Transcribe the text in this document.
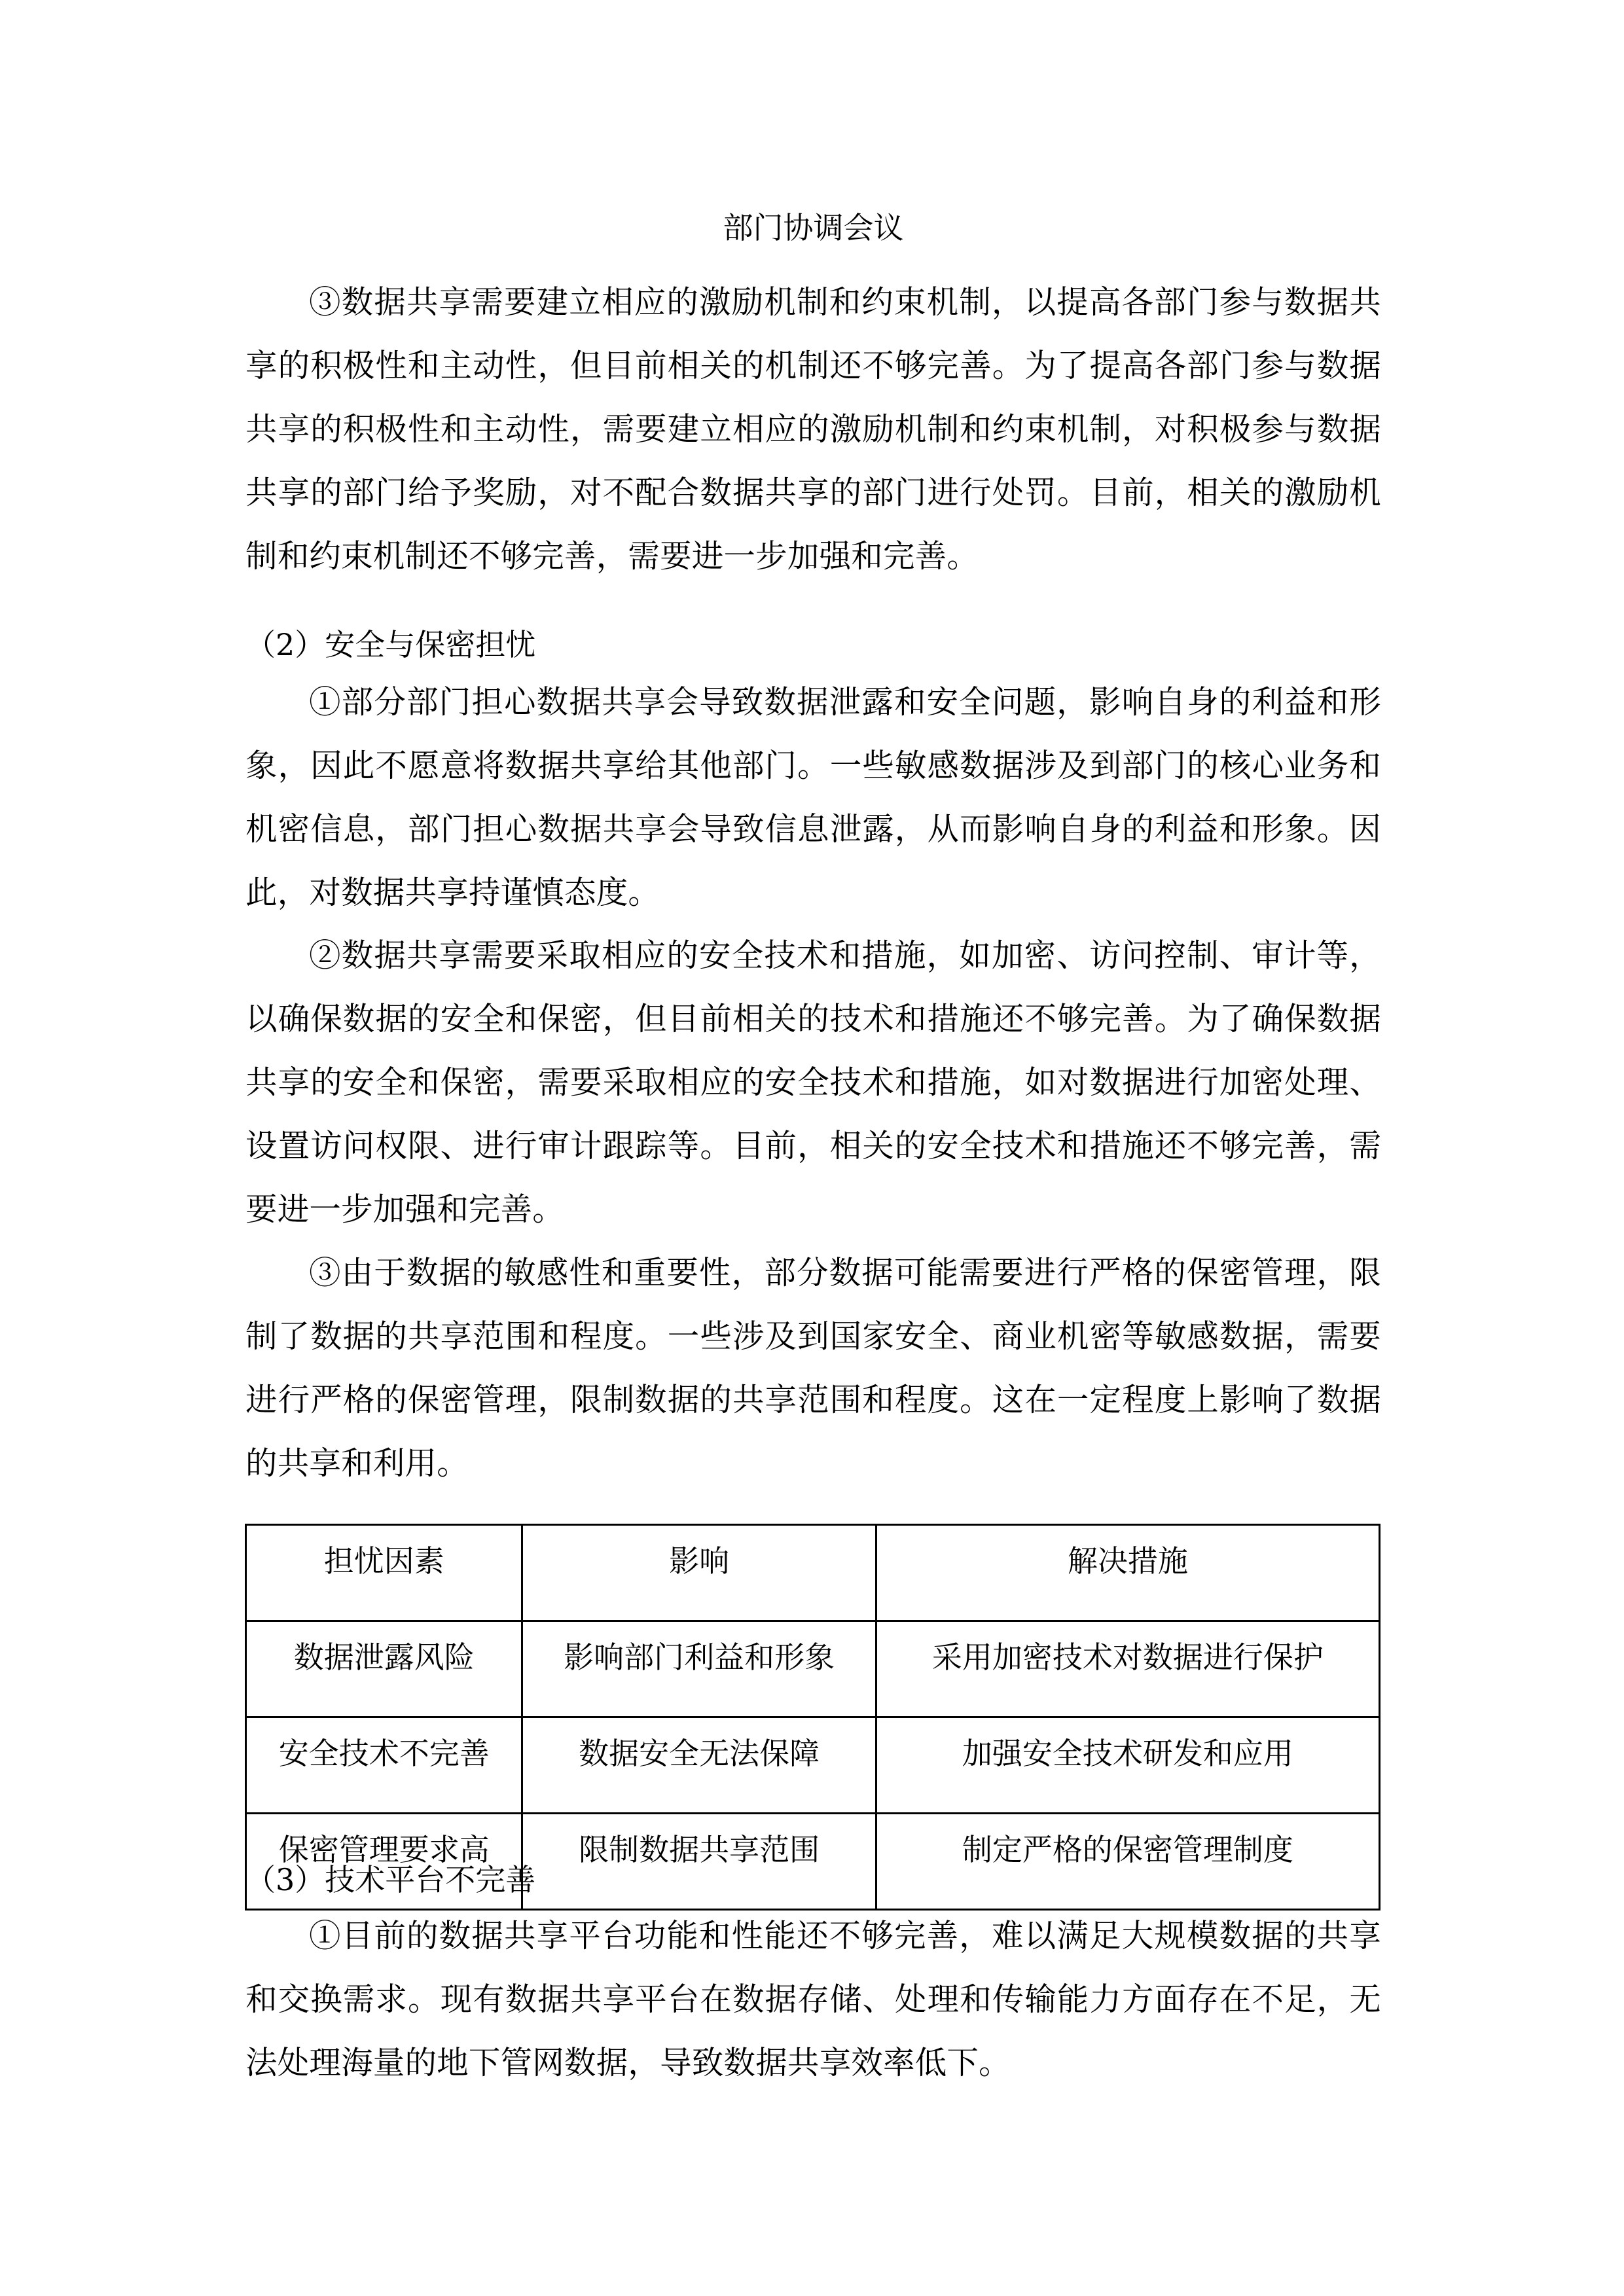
部门协调会议

③数据共享需要建立相应的激励机制和约束机制，以提高各部门参与数据共享的积极性和主动性，但目前相关的机制还不够完善。为了提高各部门参与数据共享的积极性和主动性，需要建立相应的激励机制和约束机制，对积极参与数据共享的部门给予奖励，对不配合数据共享的部门进行处罚。目前，相关的激励机制和约束机制还不够完善，需要进一步加强和完善。

（2）安全与保密担忧

①部分部门担心数据共享会导致数据泄露和安全问题，影响自身的利益和形象，因此不愿意将数据共享给其他部门。一些敏感数据涉及到部门的核心业务和机密信息，部门担心数据共享会导致信息泄露，从而影响自身的利益和形象。因此，对数据共享持谨慎态度。

②数据共享需要采取相应的安全技术和措施，如加密、访问控制、审计等，以确保数据的安全和保密，但目前相关的技术和措施还不够完善。为了确保数据共享的安全和保密，需要采取相应的安全技术和措施，如对数据进行加密处理、设置访问权限、进行审计跟踪等。目前，相关的安全技术和措施还不够完善，需要进一步加强和完善。

③由于数据的敏感性和重要性，部分数据可能需要进行严格的保密管理，限制了数据的共享范围和程度。一些涉及到国家安全、商业机密等敏感数据，需要进行严格的保密管理，限制数据的共享范围和程度。这在一定程度上影响了数据的共享和利用。

担忧因素	影响	解决措施
数据泄露风险	影响部门利益和形象	采用加密技术对数据进行保护
安全技术不完善	数据安全无法保障	加强安全技术研发和应用
保密管理要求高	限制数据共享范围	制定严格的保密管理制度
（3）技术平台不完善

①目前的数据共享平台功能和性能还不够完善，难以满足大规模数据的共享和交换需求。现有数据共享平台在数据存储、处理和传输能力方面存在不足，无法处理海量的地下管网数据，导致数据共享效率低下。
